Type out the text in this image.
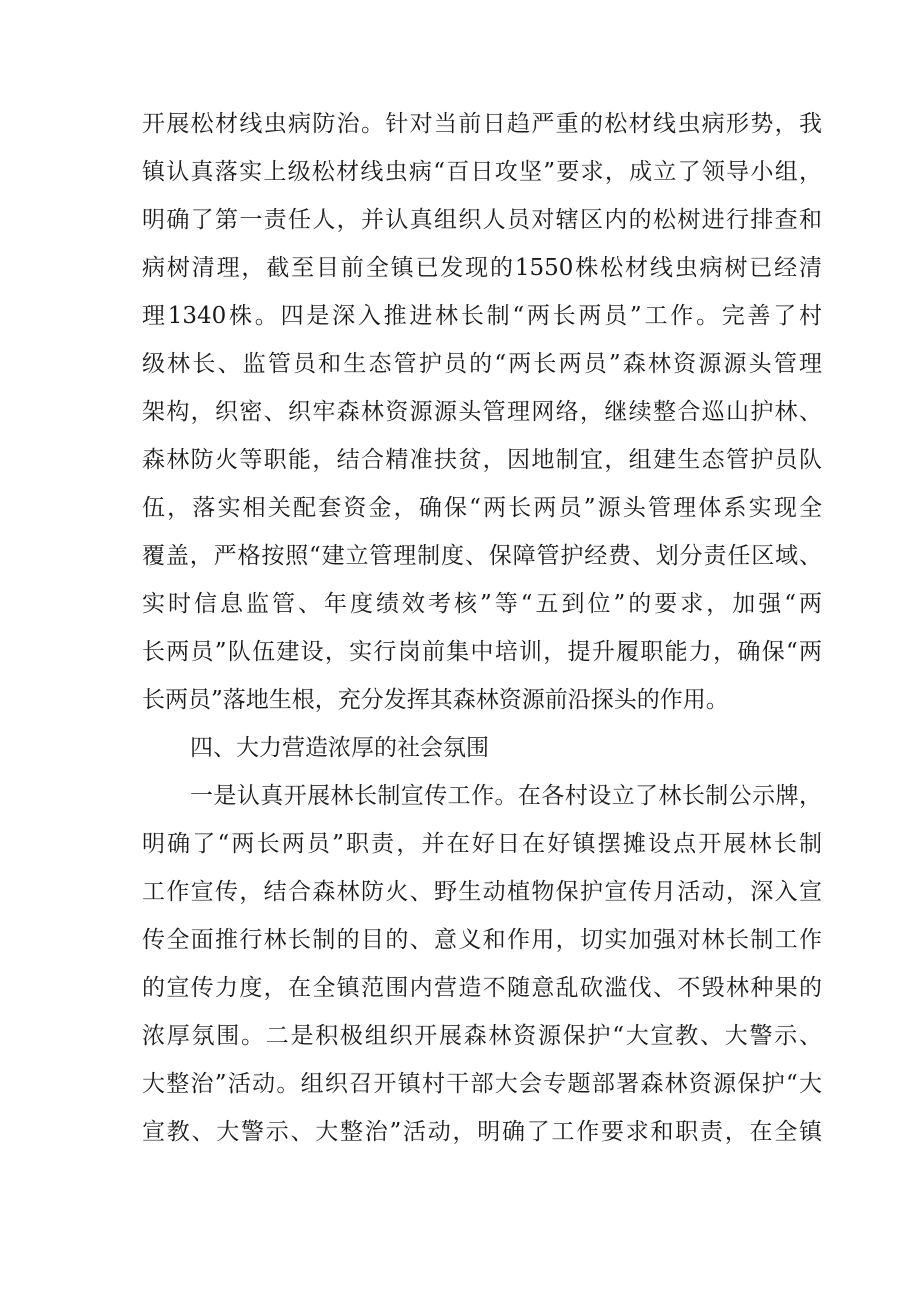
开展松材线虫病防治。针对当前日趋严重的松材线虫病形势，我
镇认真落实上级松材线虫病“百日攻坚”要求，成立了领导小组，
明确了第一责任人，并认真组织人员对辖区内的松树进行排查和
病树清理，截至目前全镇已发现的1550株松材线虫病树已经清
理1340株。四是深入推进林长制“两长两员”工作。完善了村
级林长、监管员和生态管护员的“两长两员”森林资源源头管理
架构，织密、织牢森林资源源头管理网络，继续整合巡山护林、
森林防火等职能，结合精准扶贫，因地制宜，组建生态管护员队
伍，落实相关配套资金，确保“两长两员”源头管理体系实现全
覆盖，严格按照“建立管理制度、保障管护经费、划分责任区域、
实时信息监管、年度绩效考核”等“五到位”的要求，加强“两
长两员”队伍建设，实行岗前集中培训，提升履职能力，确保“两
长两员”落地生根，充分发挥其森林资源前沿探头的作用。
四、大力营造浓厚的社会氛围
一是认真开展林长制宣传工作。在各村设立了林长制公示牌，
明确了“两长两员”职责，并在好日在好镇摆摊设点开展林长制
工作宣传，结合森林防火、野生动植物保护宣传月活动，深入宣
传全面推行林长制的目的、意义和作用，切实加强对林长制工作
的宣传力度，在全镇范围内营造不随意乱砍滥伐、不毁林种果的
浓厚氛围。二是积极组织开展森林资源保护“大宣教、大警示、
大整治”活动。组织召开镇村干部大会专题部署森林资源保护“大
宣教、大警示、大整治”活动，明确了工作要求和职责，在全镇
